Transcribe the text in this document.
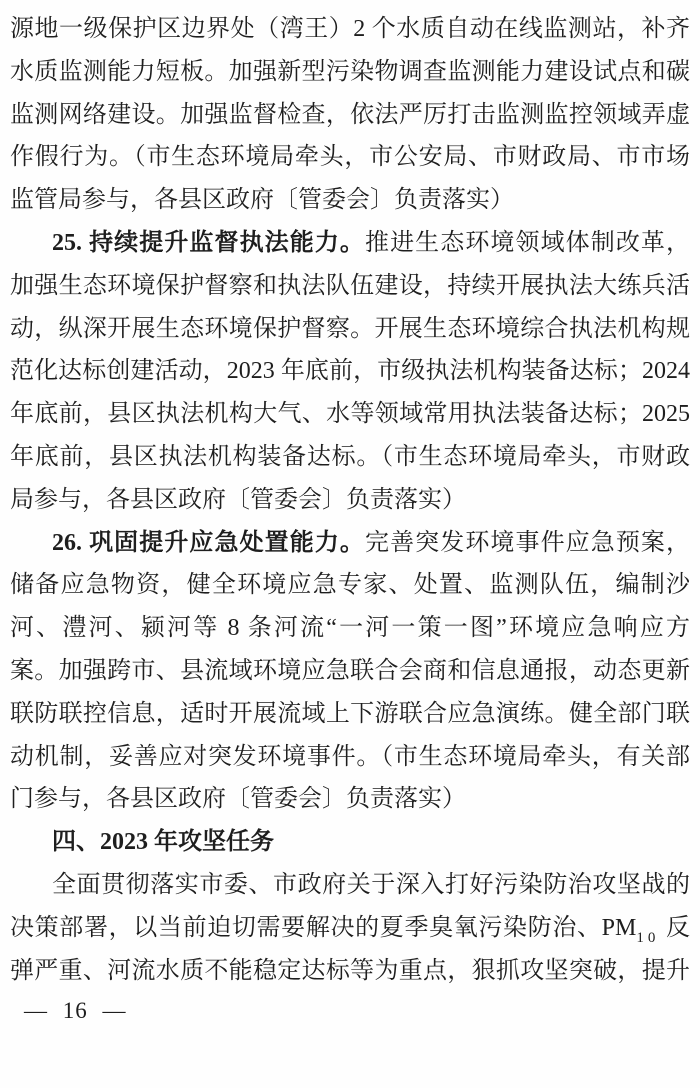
源地一级保护区边界处（湾王）2 个水质自动在线监测站，补齐
水质监测能力短板。加强新型污染物调查监测能力建设试点和碳
监测网络建设。加强监督检查，依法严厉打击监测监控领域弄虚
作假行为。（市生态环境局牵头，市公安局、市财政局、市市场
监管局参与，各县区政府〔管委会〕负责落实）
25. 持续提升监督执法能力。推进生态环境领域体制改革，
加强生态环境保护督察和执法队伍建设，持续开展执法大练兵活
动，纵深开展生态环境保护督察。开展生态环境综合执法机构规
范化达标创建活动，2023 年底前，市级执法机构装备达标；2024
年底前，县区执法机构大气、水等领域常用执法装备达标；2025
年底前，县区执法机构装备达标。（市生态环境局牵头，市财政
局参与，各县区政府〔管委会〕负责落实）
26. 巩固提升应急处置能力。完善突发环境事件应急预案，
储备应急物资，健全环境应急专家、处置、监测队伍，编制沙
河、澧河、颍河等 8 条河流“一河一策一图”环境应急响应方
案。加强跨市、县流域环境应急联合会商和信息通报，动态更新
联防联控信息，适时开展流域上下游联合应急演练。健全部门联
动机制，妥善应对突发环境事件。（市生态环境局牵头，有关部
门参与，各县区政府〔管委会〕负责落实）
四、2023 年攻坚任务
全面贯彻落实市委、市政府关于深入打好污染防治攻坚战的
决策部署，以当前迫切需要解决的夏季臭氧污染防治、$PM_{10}$ 反
弹严重、河流水质不能稳定达标等为重点，狠抓攻坚突破，提升
— 16 —
